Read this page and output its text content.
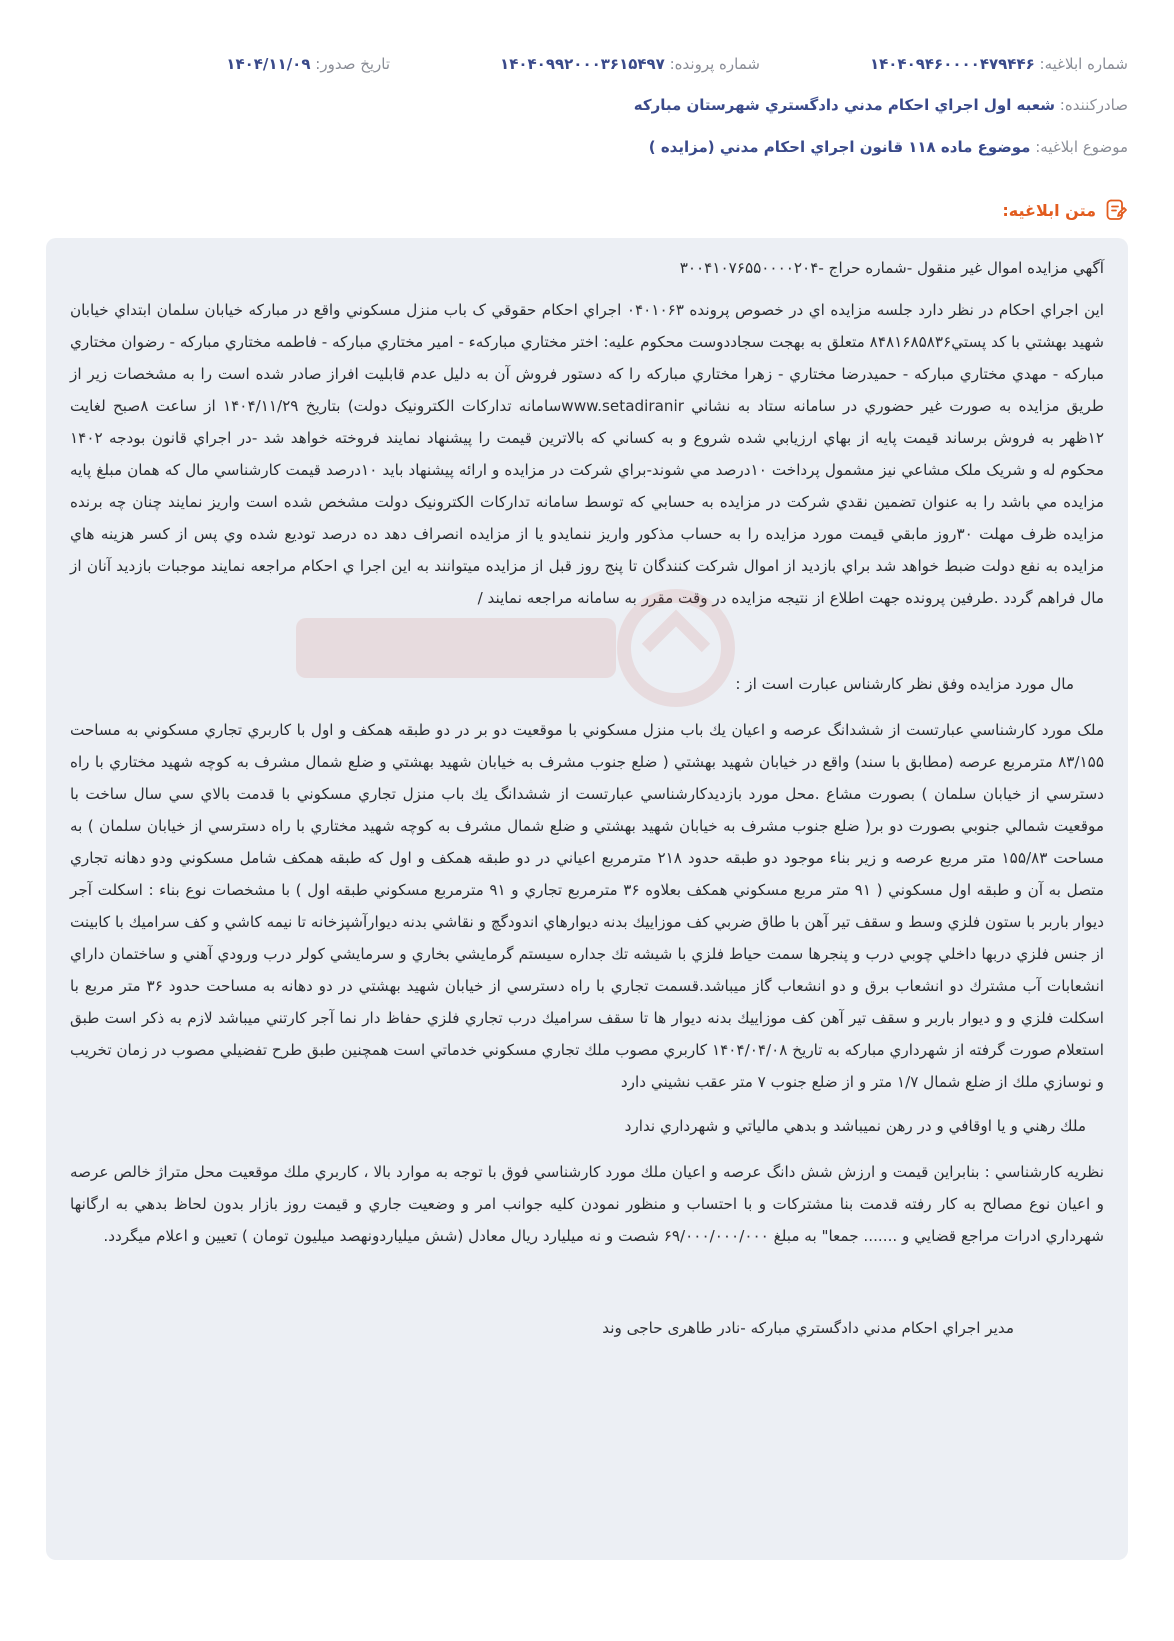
شماره ابلاغيه: ۱۴۰۴۰۹۴۶۰۰۰۰۴۷۹۴۴۶
شماره پرونده: ۱۴۰۴۰۹۹۲۰۰۰۳۶۱۵۴۹۷
تاريخ صدور: ۱۴۰۴/۱۱/۰۹
صادرکننده: شعبه اول اجراي احکام مدني دادگستري شهرستان مبارکه
موضوع ابلاغيه: موضوع ماده ۱۱۸ قانون اجراي احکام مدني (مزايده )
متن ابلاغيه:

آگهي مزايده اموال غير منقول -شماره حراج -۳۰۰۴۱۰۷۶۵۵۰۰۰۰۲۰۴

اين اجراي احکام در نظر دارد جلسه مزايده اي در خصوص پرونده ۰۴۰۱۰۶۳ اجراي احکام حقوقي ک باب منزل مسکوني واقع در مبارکه خيابان سلمان ابتداي خيابان شهيد بهشتي با کد پستي۸۴۸۱۶۸۵۸۳۶ متعلق به بهجت سجاددوست محکوم عليه: اختر مختاري مبارکهء - امير مختاري مبارکه - فاطمه مختاري مبارکه - رضوان مختاري مبارکه - مهدي مختاري مبارکه - حميدرضا مختاري - زهرا مختاري مبارکه را که دستور فروش آن به دليل عدم قابليت افراز صادر شده است را به مشخصات زير از طريق مزايده به صورت غير حضوري در سامانه ستاد به نشاني www.setadiranirسامانه تدارکات الکترونيک دولت) بتاريخ ۱۴۰۴/۱۱/۲۹ از ساعت ۸صبح لغايت ۱۲ظهر به فروش برساند قيمت پايه از بهاي ارزيابي شده شروع و به کساني که بالاترين قيمت را پيشنهاد نمايند فروخته خواهد شد -در اجراي قانون بودجه ۱۴۰۲ محکوم له و شريک ملک مشاعي نيز مشمول پرداخت ۱۰درصد مي شوند-براي شرکت در مزايده و ارائه پيشنهاد بايد ۱۰درصد قيمت کارشناسي مال که همان مبلغ پايه مزايده مي باشد را به عنوان تضمين نقدي شرکت در مزايده به حسابي که توسط سامانه تدارکات الکترونيک دولت مشخص شده است واريز نمايند چنان چه برنده مزايده ظرف مهلت ۳۰روز مابقي قيمت مورد مزايده را به حساب مذکور واريز ننمايدو يا از مزايده انصراف دهد ده درصد توديع شده وي پس از کسر هزينه هاي مزايده به نفع دولت ضبط خواهد شد براي بازديد از اموال شرکت کنندگان تا پنج روز قبل از مزايده ميتوانند به اين اجرا ي احکام مراجعه نمايند موجبات بازديد آنان از مال فراهم گردد .طرفين پرونده جهت اطلاع از نتيجه مزايده در وقت مقرر به سامانه مراجعه نمايند /

مال مورد مزايده وفق نظر کارشناس عبارت است از :

ملک مورد کارشناسي عبارتست از ششدانگ عرصه و اعيان يك باب منزل مسكوني با موقعيت دو بر در دو طبقه همكف و اول با كاربري تجاري مسكوني به مساحت ۸۳/۱۵۵ مترمربع عرصه (مطابق با سند) واقع در خيابان شهيد بهشتي ( ضلع جنوب مشرف به خيابان شهيد بهشتي و ضلع شمال مشرف به كوچه شهيد مختاري با راه دسترسي از خيابان سلمان ) بصورت مشاع .محل مورد بازديدكارشناسي عبارتست از ششدانگ يك باب منزل تجاري مسكوني با قدمت بالاي سي سال ساخت با موقعيت شمالي جنوبي بصورت دو بر( ضلع جنوب مشرف به خيابان شهيد بهشتي و ضلع شمال مشرف به كوچه شهيد مختاري با راه دسترسي از خيابان سلمان ) به مساحت ۱۵۵/۸۳ متر مربع عرصه و زير بناء موجود دو طبقه حدود ۲۱۸ مترمربع اعياني در دو طبقه همكف و اول كه طبقه همكف شامل مسكوني ودو دهانه تجاري متصل به آن و طبقه اول مسكوني ( ۹۱ متر مربع مسكوني همكف بعلاوه ۳۶ مترمربع تجاري و ۹۱ مترمربع مسكوني طبقه اول ) با مشخصات نوع بناء : اسكلت آجر ديوار باربر با ستون فلزي وسط و سقف تير آهن با طاق ضربي كف موزاييك بدنه ديوارهاي اندودگچ و نقاشي بدنه ديوارآشپزخانه تا نيمه كاشي و كف سراميك با كابينت از جنس فلزي دربها داخلي چوبي درب و پنجرها سمت حياط فلزي با شيشه تك جداره سيستم گرمايشي بخاري و سرمايشي كولر درب ورودي آهني و ساختمان داراي انشعابات آب مشترك دو انشعاب برق و دو انشعاب گاز ميباشد.قسمت تجاري با راه دسترسي از خيابان شهيد بهشتي در دو دهانه به مساحت حدود ۳۶ متر مربع با اسكلت فلزي و و ديوار باربر و سقف تير آهن كف موزاييك بدنه ديوار ها تا سقف سراميك درب تجاري فلزي حفاظ دار نما آجر كارتني ميباشد لازم به ذكر است طبق استعلام صورت گرفته از شهرداري مباركه به تاريخ ۱۴۰۴/۰۴/۰۸ كاربري مصوب ملك تجاري مسكوني خدماتي است همچنين طبق طرح تفضيلي مصوب در زمان تخريب و نوسازي ملك از ضلع شمال ۱/۷ متر و از ضلع جنوب ۷ متر عقب نشيني دارد

ملك رهني و يا اوقافي و در رهن نميباشد و بدهي مالياتي و شهرداري ندارد

نظريه كارشناسي : بنابراين قيمت و ارزش شش دانگ عرصه و اعيان ملك مورد كارشناسي فوق با توجه به موارد بالا ، كاربري ملك موقعيت محل متراژ خالص عرصه و اعيان نوع مصالح به كار رفته قدمت بنا مشتركات و با احتساب و منظور نمودن كليه جوانب امر و وضعيت جاري و قيمت روز بازار بدون لحاظ بدهي به ارگانها شهرداري ادرات مراجع قضايي و ....... جمعا" به مبلغ ۶۹/۰۰۰/۰۰۰/۰۰۰ شصت و نه ميليارد ريال معادل (شش ميلياردونهصد ميليون تومان ) تعيين و اعلام ميگردد.

مدير اجراي احکام مدني دادگستري مبارکه -نادر طاهری حاجی وند
